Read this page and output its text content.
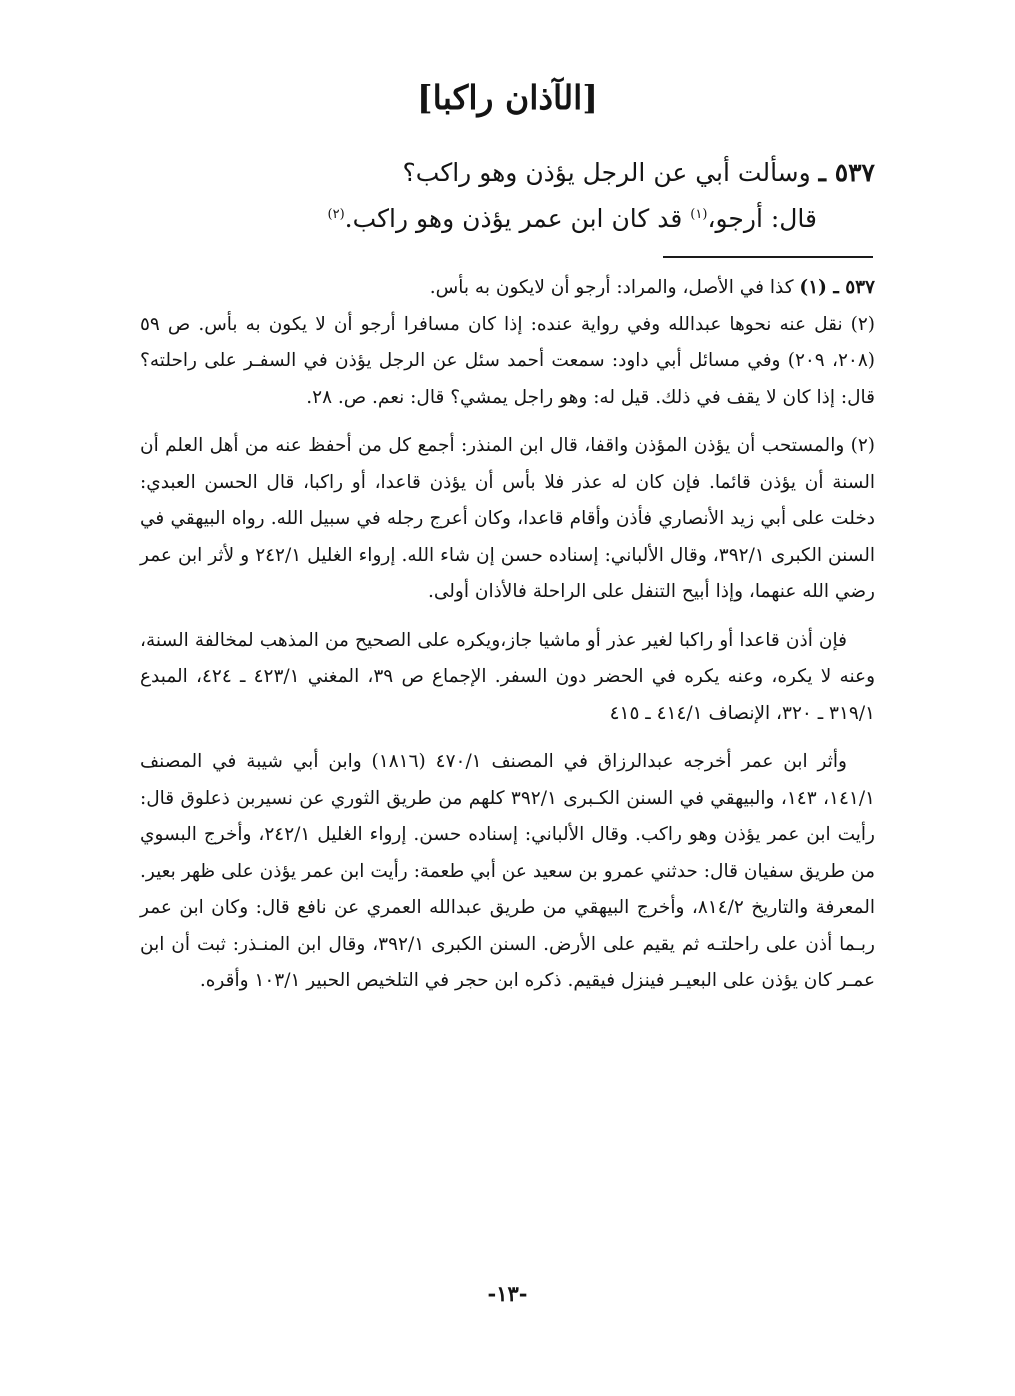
[الآذان راكبا]

٥٣٧ ـ وسألت أبي عن الرجل يؤذن وهو راكب؟

قال: أرجو،$^{(١)}$ قد كان ابن عمر يؤذن وهو راكب.$^{(٢)}$

٥٣٧ ـ (١) كذا في الأصل، والمراد: أرجو أن لايكون به بأس.

(٢) نقل عنه نحوها عبدالله وفي رواية عنده: إذا كان مسافرا أرجو أن لا يكون به بأس. ص ٥٩ (٢٠٨، ٢٠٩) وفي مسائل أبي داود: سمعت أحمد سئل عن الرجل يؤذن في السفـر على راحلته؟ قال: إذا كان لا يقف في ذلك. قيل له: وهو راجل يمشي؟ قال: نعم. ص. ٢٨.

(٢) والمستحب أن يؤذن المؤذن واقفا، قال ابن المنذر: أجمع كل من أحفظ عنه من أهل العلم أن السنة أن يؤذن قائما. فإن كان له عذر فلا بأس أن يؤذن قاعدا، أو راكبا، قال الحسن العبدي: دخلت على أبي زيد الأنصاري فأذن وأقام قاعدا، وكان أعرج رجله في سبيل الله. رواه البيهقي في السنن الكبرى ٣٩٢/١، وقال الألباني: إسناده حسن إن شاء الله. إرواء الغليل ٢٤٢/١ و لأثر ابن عمر رضي الله عنهما، وإذا أبيح التنفل على الراحلة فالأذان أولى.

فإن أذن قاعدا أو راكبا لغير عذر أو ماشيا جاز،ويكره على الصحيح من المذهب لمخالفة السنة، وعنه لا يكره، وعنه يكره في الحضر دون السفر. الإجماع ص ٣٩، المغني ٤٢٣/١ ـ ٤٢٤، المبدع ٣١٩/١ ـ ٣٢٠، الإنصاف ٤١٤/١ ـ ٤١٥

وأثر ابن عمر أخرجه عبدالرزاق في المصنف ٤٧٠/١ (١٨١٦) وابن أبي شيبة في المصنف ١٤١/١، ١٤٣، والبيهقي في السنن الكـبرى ٣٩٢/١ كلهم من طريق الثوري عن نسيربن ذعلوق قال: رأيت ابن عمر يؤذن وهو راكب. وقال الألباني: إسناده حسن. إرواء الغليل ٢٤٢/١، وأخرج البسوي من طريق سفيان قال: حدثني عمرو بن سعيد عن أبي طعمة: رأيت ابن عمر يؤذن على ظهر بعير. المعرفة والتاريخ ٨١٤/٢، وأخرج البيهقي من طريق عبدالله العمري عن نافع قال: وكان ابن عمر ربـما أذن على راحلتـه ثم يقيم على الأرض. السنن الكبرى ٣٩٢/١، وقال ابن المنـذر: ثبت أن ابن عمـر كان يؤذن على البعيـر فينزل فيقيم. ذكره ابن حجر في التلخيص الحبير ١٠٣/١ وأقره.

-١٣-
